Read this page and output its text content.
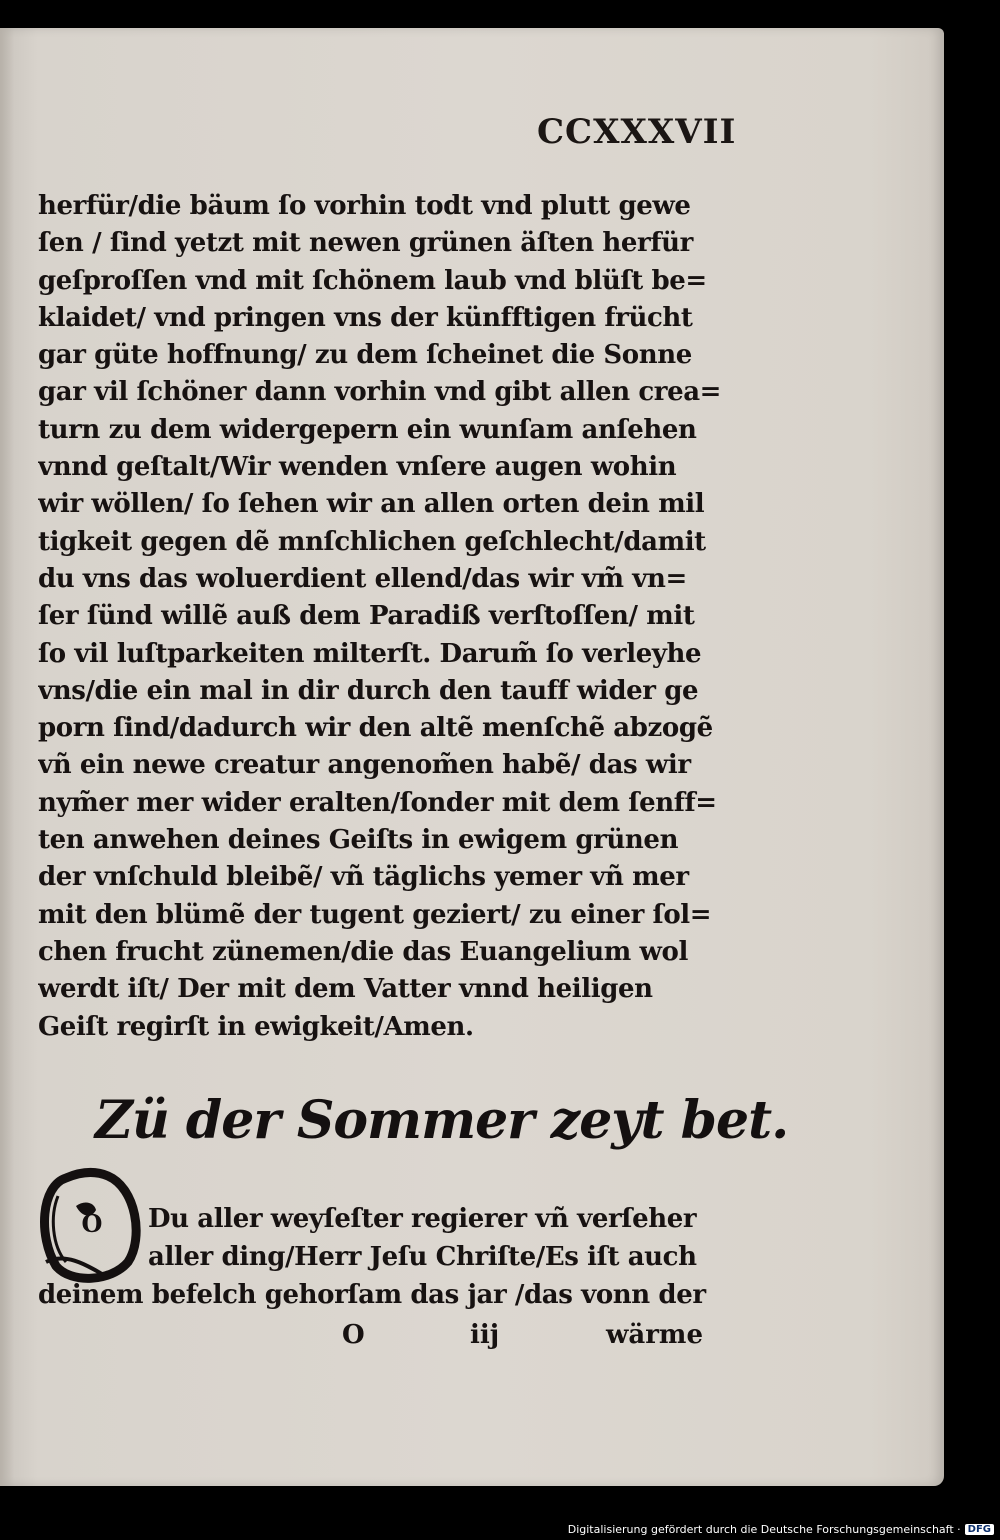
CCXXXVII
herfür/die bäum ſo vorhin todt vnd plutt gewe
ſen / ſind yetzt mit newen grünen äſten herfür
geſproſſen vnd mit ſchönem laub vnd blüſt be=
klaidet/ vnd pringen vns der künfftigen frücht
gar güte hoffnung/ zu dem ſcheinet die Sonne
gar vil ſchöner dann vorhin vnd gibt allen crea=
turn zu dem widergepern ein wunſam anſehen
vnnd geſtalt/Wir wenden vnſere augen wohin
wir wöllen/ ſo ſehen wir an allen orten dein mil
tigkeit gegen dẽ mnſchlichen geſchlecht/damit
du vns das woluerdient ellend/das wir vm̃ vn=
ſer ſünd willẽ auß dem Paradiß verſtoſſen/ mit
ſo vil luſtparkeiten milterſt. Darum̃ ſo verleyhe
vns/die ein mal in dir durch den tauff wider ge
porn ſind/dadurch wir den altẽ menſchẽ abzogẽ
vñ ein newe creatur angenom̃en habẽ/ das wir
nym̃er mer wider eralten/ſonder mit dem ſenff=
ten anwehen deines Geiſts in ewigem grünen
der vnſchuld bleibẽ/ vñ täglichs yemer vñ mer
mit den blümẽ der tugent geziert/ zu einer ſol=
chen frucht zünemen/die das Euangelium wol
werdt iſt/ Der mit dem Vatter vnnd heiligen
Geiſt regirſt in ewigkeit/Amen.
Zü der Sommer zeyt bet.
O	Du aller weyſeſter regierer vñ verſeher
aller ding/Herr Jeſu Chriſte/Es iſt auch
deinem befelch gehorſam das jar /das vonn der
O	iij	wärme
Digitalisierung gefördert durch die Deutsche Forschungsgemeinschaft · DFG
